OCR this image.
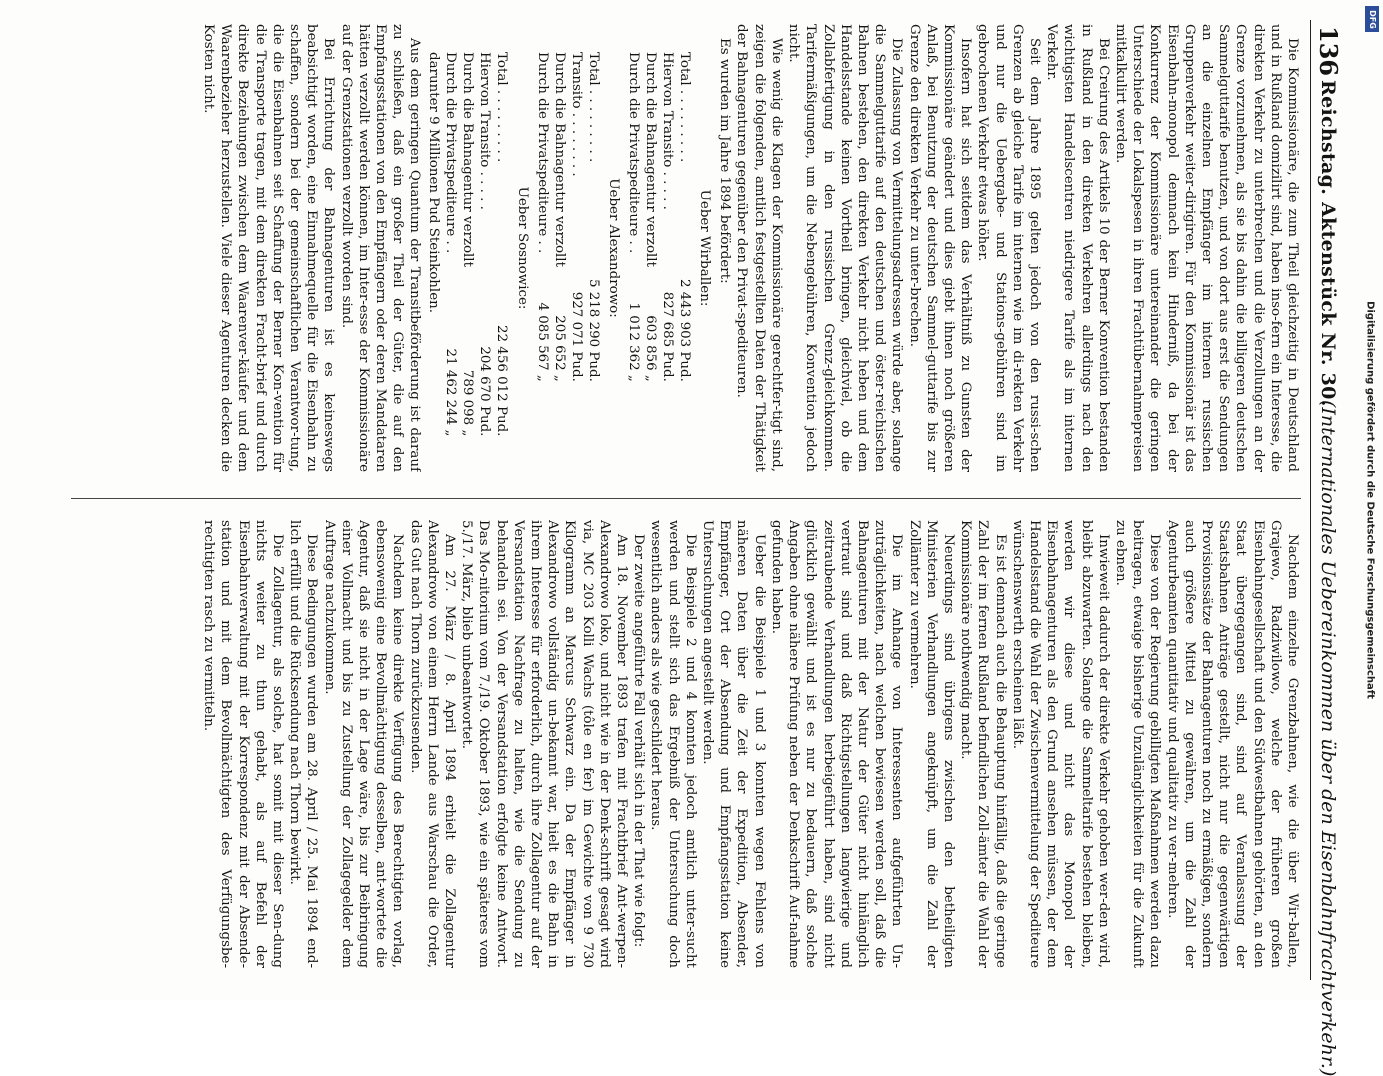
136
Reichstag. Aktenstück Nr. 30.
(Internationales Uebereinkommen über den Eisenbahnfrachtverkehr.)

Die Kommissionäre, die zum Theil gleichzeitig in Deutschland und in Rußland domizilirt sind, haben inso-fern ein Interesse, die direkten Verkehr zu unterbrechen und die Verzollungen an der Grenze vorzunehmen, als sie bis dahin die billigeren deutschen Sammelguttarife benutzen, und von dort aus erst die Sendungen an die einzelnen Empfänger im internen russischen Gruppenverkehr weiter-dirigiren. Für den Kommissionär ist das Eisenbahn-monopol demnach kein Hinderniß, da bei der Konkurrenz der Kommissionäre untereinander die geringen Unterschiede der Lokalspesen in ihren Frachtübernahmepreisen mitkalkulirt werden.

Bei Creirung des Artikels 10 der Berner Konvention bestanden in Rußland in den direkten Verkehren allerdings nach den wichtigsten Handelscentren niedrigere Tarife als im internen Verkehr.

Seit dem Jahre 1895 gelten jedoch von den russi-schen Grenzen ab gleiche Tarife im internen wie im di-rekten Verkehr und nur die Uebergabe- und Stations-gebühren sind im gebrochenen Verkehr etwas höher.

Insofern hat sich seitdem das Verhältniß zu Gunsten der Kommissionäre geändert und dies giebt ihnen noch größeren Anlaß, bei Benutzung der deutschen Sammel-guttarife bis zur Grenze den direkten Verkehr zu unter-brechen.

Die Zulassung von Vermittelungsadressen würde aber, solange die Sammelguttarife auf den deutschen und öster-reichischen Bahnen bestehen, den direkten Verkehr nicht heben und dem Handelsstande keinen Vortheil bringen, gleichviel, ob die Zollabfertigung in den russischen Grenz-gleichkommen. Tarifermäßigungen, um die Nebengebühren, Konvention jedoch nicht.

Wie wenig die Klagen der Kommissionäre gerechtfer-tigt sind, zeigen die folgenden, amtlich festgestellten Daten der Thätigkeit der Bahnagenturen gegenüber den Privat-spediteuren.

Es wurden im Jahre 1894 befördert:

Ueber Wirballen:

Total . . . . . . . . .	2 443 903 Pud.
Hiervon Transito . . . . .	827 685 Pud.
Durch die Bahnagentur verzollt	603 856 „
Durch die Privatspediteure . .	1 012 362 „

Ueber Alexandrowo:

Total . . . . . . . . .	5 218 290 Pud.
Transito . . . . . . . .	927 071 Pud.
Durch die Bahnagentur verzollt	205 652 „
Durch die Privatspediteure . .	4 085 567 „

Ueber Sosnowice:

Total . . . . . . . . .	22 456 012 Pud.
Hiervon Transito . . . . .	204 670 Pud.
Durch die Bahnagentur verzollt	789 098 „
Durch die Privatspediteure . .	21 462 244 „
darunter 9 Millionen Pud Steinkohlen.	

Aus dem geringen Quantum der Transitbeförderung ist darauf zu schließen, daß ein großer Theil der Güter, die auf den Empfangsstationen von den Empfängern oder deren Mandataren hätten verzollt werden können, im Inter-esse der Kommissionäre auf der Grenzstationen verzollt worden sind.

Bei Errichtung der Bahnagenturen ist es keineswegs beabsichtigt worden, eine Einnahmequelle für die Eisenbahn zu schaffen, sondern bei der gemeinschaftlichen Verantwor-tung, die die Eisenbahnen seit Schaffung der Berner Kon-vention für die Transporte tragen, mit dem direkten Fracht-brief und durch direkte Beziehungen zwischen dem Waarenver-käufer und dem Waarenbezieher herzustellen. Viele dieser Agenturen decken die Kosten nicht.

Nachdem einzelne Grenzbahnen, wie die über Wir-ballen, Grajewo, Radziwilowo, welche der früheren großen Eisenbahngesellschaft und den Südwestbahnen gehörten, an den Staat übergegangen sind, sind auf Veranlassung der Staatsbahnen Anträge gestellt, nicht nur die gegenwärtigen Provisionssätze der Bahnagenturen noch zu ermäßigen, sondern auch größere Mittel zu gewähren, um die Zahl der Agenturbeamten quantitativ und qualitativ zu ver-mehren.

Diese von der Regierung gebilligten Maßnahmen werden dazu beitragen, etwaige bisherige Unzulänglichkeiten für die Zukunft zu ebnen.

Inwieweit dadurch der direkte Verkehr gehoben wer-den wird, bleibt abzuwarten. Solange die Sammeltarife bestehen bleiben, werden wir diese und nicht das Monopol der Eisenbahnagenturen als den Grund ansehen müssen, der dem Handelsstand die Wahl der Zwischenvermittelung der Spediteure wünschenswerth erscheinen läßt.

Es ist demnach auch die Behauptung hinfällig, daß die geringe Zahl der im fernen Rußland befindlichen Zoll-ämter die Wahl der Kommissionäre nothwendig macht.

Neuerdings sind übrigens zwischen den betheiligten Ministerien Verhandlungen angeknüpft, um die Zahl der Zollämter zu vermehren.

Die im Anhange von Interessenten aufgeführten Un-zuträglichkeiten, nach welchen bewiesen werden soll, daß die Bahnagenturen mit der Natur der Güter nicht hinlänglich vertraut sind und daß Richtigstellungen langwierige und zeitraubende Verhandlungen herbeigeführt haben, sind nicht glücklich gewählt und ist es nur zu bedauern, daß solche Angaben ohne nähere Prüfung neben der Denkschrift Auf-nahme gefunden haben.

Ueber die Beispiele 1 und 3 konnten wegen Fehlens von näheren Daten über die Zeit der Expedition, Absender, Empfänger, Ort der Absendung und Empfangsstation keine Untersuchungen angestellt werden.

Die Beispiele 2 und 4 konnten jedoch amtlich unter-sucht werden und stellt sich das Ergebniß der Untersuchung doch wesentlich anders als wie geschildert heraus.

Der zweite angeführte Fall verhält sich in der That wie folgt:

Am 18. November 1893 trafen mit Frachtbrief Ant-werpen-Alexandrowo loko, und nicht wie in der Denk-schrift gesagt wird via, MC 203 Kolli Wachs (tôle en fer) im Gewichte von 9 730 Kilogramm an Marcus Schwarz ein. Da der Empfänger in Alexandrowo vollständig un-bekannt war, hielt es die Bahn in ihrem Interesse für erforderlich, durch ihre Zollagentur auf der Versandstation Nachfrage zu halten, wie die Sendung zu behandeln sei. Von der Versandstation erfolgte keine Antwort. Das Mo-nitorium vom 7./19. Oktober 1893, wie ein späteres vom 5./17. März, blieb unbeantwortet.

Am 27. März / 8. April 1894 erhielt die Zollagentur Alexandrowo von einem Herrn Lande aus Warschau die Order, das Gut nach Thorn zurückzusenden.

Nachdem keine direkte Verfügung des Berechtigten vorlag, ebensowenig eine Bevollmächtigung desselben, ant-wortete die Agentur, daß sie nicht in der Lage wäre, bis zur Beibringung einer Vollmacht und bis zu Zustellung der Zollagegelder dem Auftrage nachzukommen.

Diese Bedingungen wurden am 28. April / 25. Mai 1894 end-lich erfüllt und die Rücksendung nach Thorn bewirkt.

Die Zollagentur, als solche, hat somit mit dieser Sen-dung nichts weiter zu thun gehabt, als auf Befehl der Eisenbahnverwaltung mit der Korrespondenz mit der Absende-station und mit dem Bevollmächtigten des Verfügungsbe-rechtigten rasch zu vermitteln.

DFG
Digitalisierung gefördert durch die Deutsche Forschungsgemeinschaft
